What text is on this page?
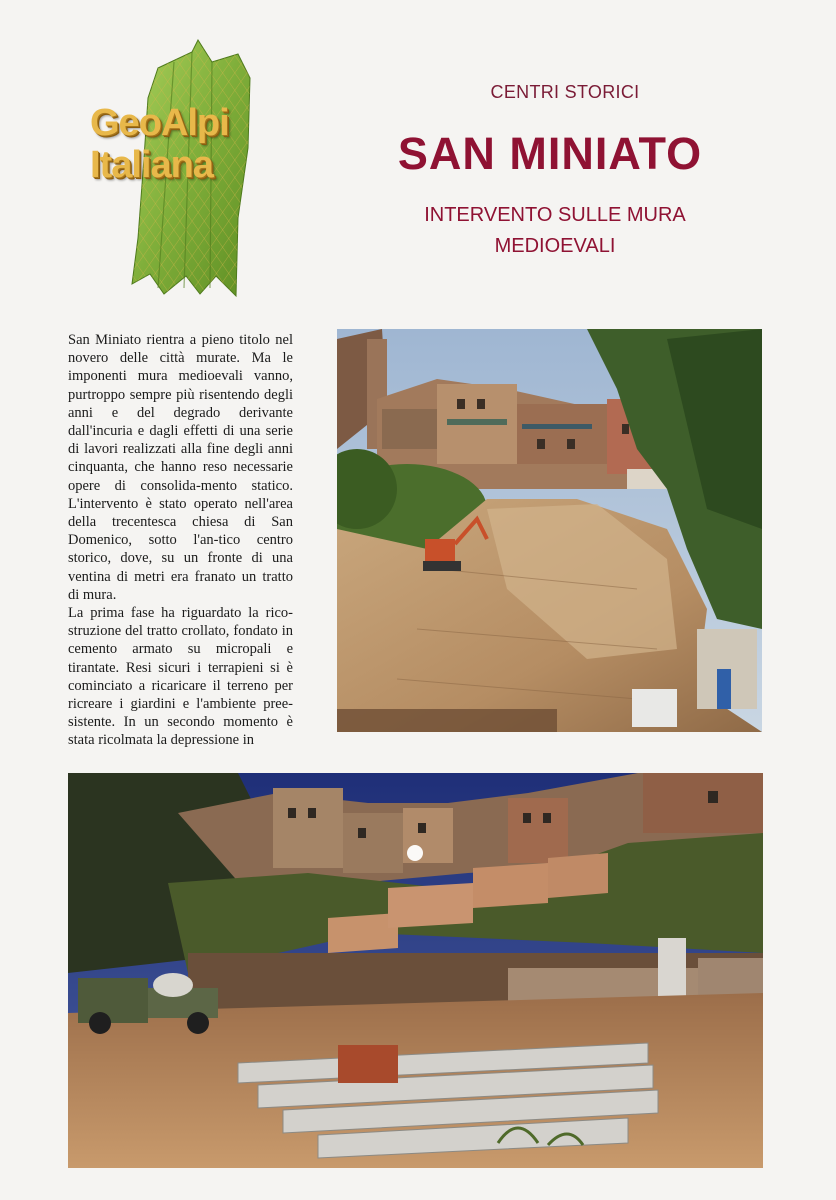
GeoAlpi
Italiana
CENTRI STORICI
SAN MINIATO
INTERVENTO SULLE MURA
MEDIOEVALI

San Miniato rientra a pieno titolo nel novero delle città murate. Ma le imponenti mura medioevali vanno, purtroppo sempre più risentendo degli anni e del degrado derivante dall'incuria e dagli effetti di una serie di lavori realizzati alla fine degli anni cinquanta, che hanno reso necessarie opere di consolida-mento statico. L'intervento è stato operato nell'area della trecentesca chiesa di San Domenico, sotto l'an-tico centro storico, dove, su un fronte di una ventina di metri era franato un tratto di mura.

La prima fase ha riguardato la rico-struzione del tratto crollato, fondato in cemento armato su micropali e tirantate. Resi sicuri i terrapieni si è cominciato a ricaricare il terreno per ricreare i giardini e l'ambiente pree-sistente. In un secondo momento è stata ricolmata la depressione in
